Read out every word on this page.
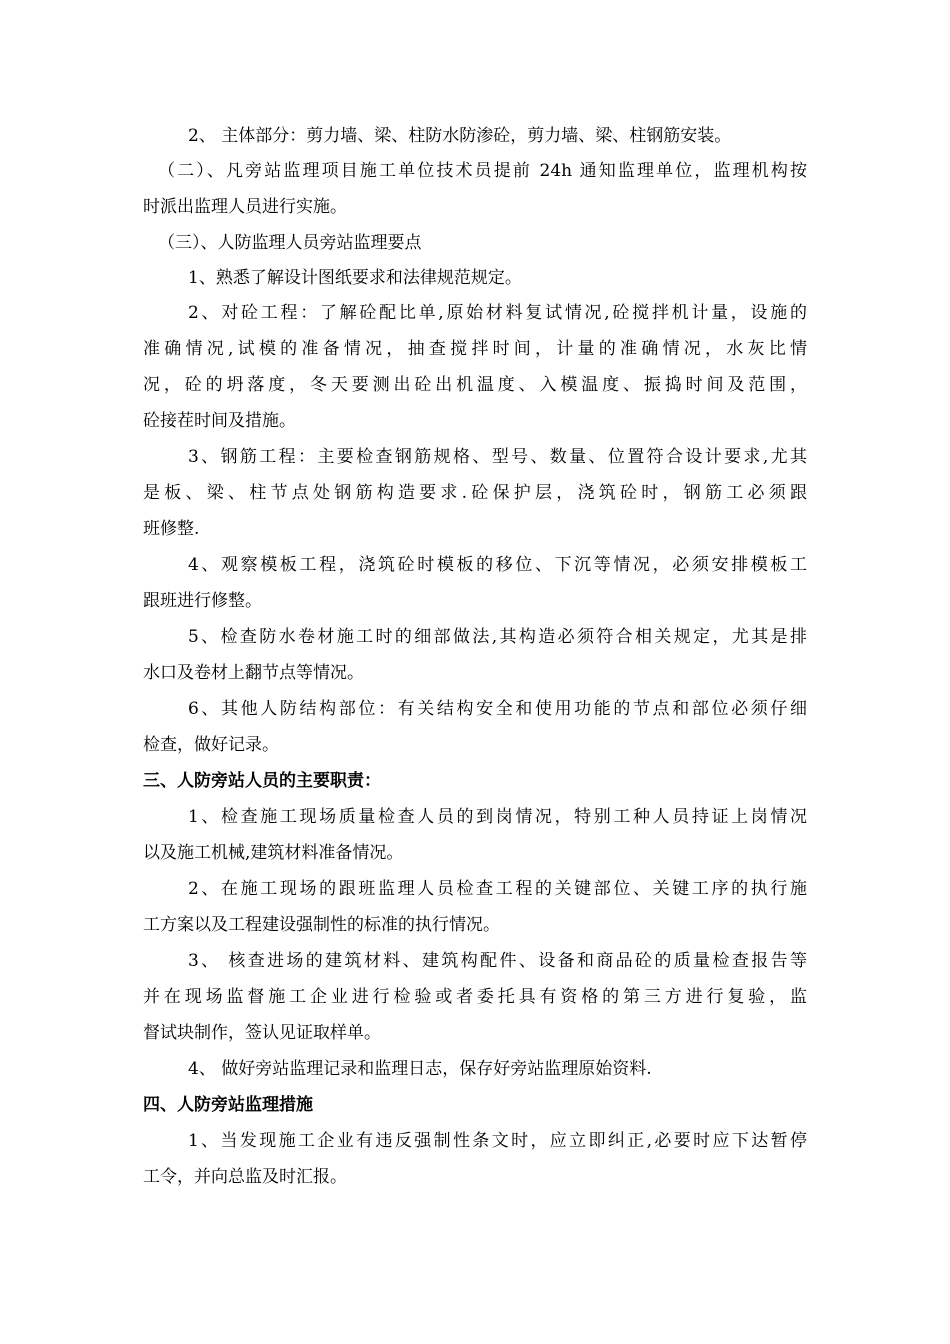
2、 主体部分：剪力墙、梁、柱防水防渗砼，剪力墙、梁、柱钢筋安装。
（二）、凡旁站监理项目施工单位技术员提前 24h 通知监理单位，监理机构按
时派出监理人员进行实施。
（三）、人防监理人员旁站监理要点
1、熟悉了解设计图纸要求和法律规范规定。
2、对砼工程：了解砼配比单,原始材料复试情况,砼搅拌机计量，设施的
准确情况,试模的准备情况，抽查搅拌时间，计量的准确情况，水灰比情
况，砼的坍落度，冬天要测出砼出机温度、入模温度、振捣时间及范围，
砼接茬时间及措施。
3、钢筋工程：主要检查钢筋规格、型号、数量、位置符合设计要求,尤其
是板、梁、柱节点处钢筋构造要求.砼保护层，浇筑砼时，钢筋工必须跟
班修整.
4、观察模板工程，浇筑砼时模板的移位、下沉等情况，必须安排模板工
跟班进行修整。
5、检查防水卷材施工时的细部做法,其构造必须符合相关规定，尤其是排
水口及卷材上翻节点等情况。
6、其他人防结构部位：有关结构安全和使用功能的节点和部位必须仔细
检查，做好记录。
三、人防旁站人员的主要职责：
1、检查施工现场质量检查人员的到岗情况，特别工种人员持证上岗情况
以及施工机械,建筑材料准备情况。
2、在施工现场的跟班监理人员检查工程的关键部位、关键工序的执行施
工方案以及工程建设强制性的标准的执行情况。
3、 核查进场的建筑材料、建筑构配件、设备和商品砼的质量检查报告等
并在现场监督施工企业进行检验或者委托具有资格的第三方进行复验，监
督试块制作，签认见证取样单。
4、 做好旁站监理记录和监理日志，保存好旁站监理原始资料.
四、人防旁站监理措施
1、当发现施工企业有违反强制性条文时，应立即纠正,必要时应下达暂停
工令，并向总监及时汇报。
